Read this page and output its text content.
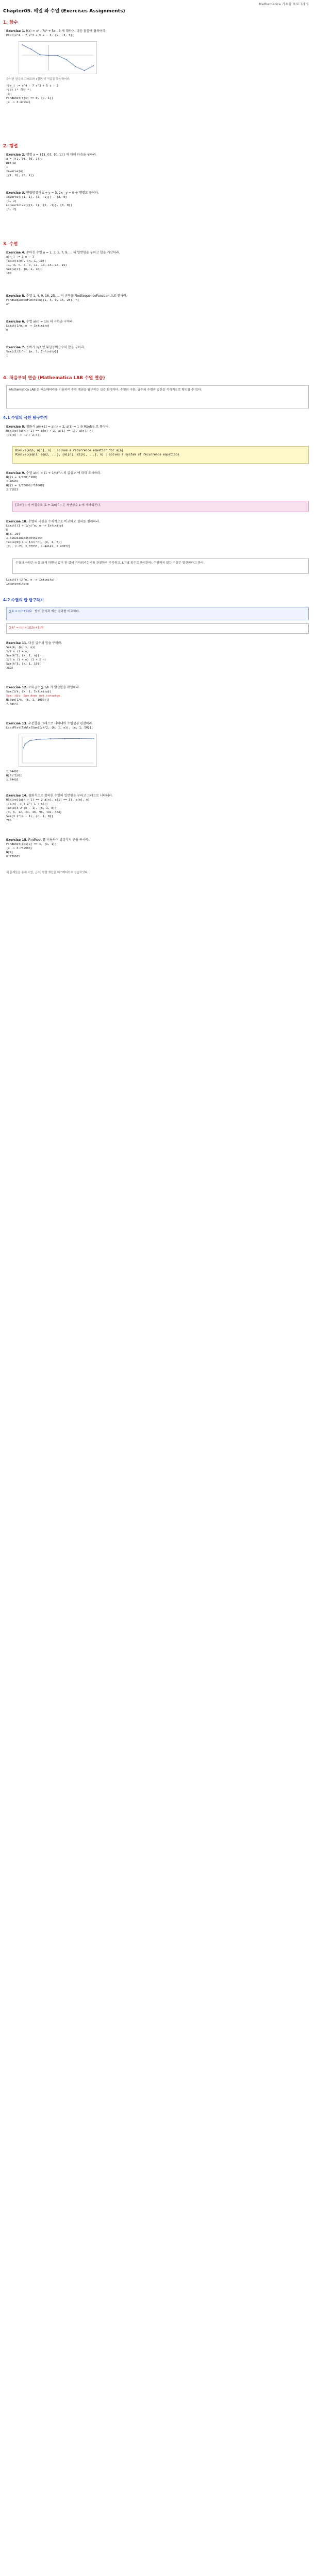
Mathematica 기초와 프로그래밍
Chapter05. 배열 와 수열 (Exercises Assignments)
1. 함수
Exercise 1. f(x) = x⁴ - 7x³ + 5x - 3 에 대하여, 다음 물음에 답하여라.
Plot[x^4 - 7 x^3 + 5 x - 3, {x, -3, 5}]
주어진 함수의 그래프와 x절편 및 극값을 확인하여라.
f[x_] := x^4 - 7 x^3 + 5 x - 3
f[0] (* 계산 *)
-3
FindRoot[f[x] == 0, {x, 1}]
{x -> 0.47952}
2. 행렬
Exercise 2. 행렬 a = {{1, 0}, {0, 1}} 에 대해 다음을 구하라.
a = {{1, 0}, {0, 1}};
Det[a]
1
Inverse[a]
{{1, 0}, {0, 1}}
Exercise 3. 연립방정식 x + y = 3, 2x - y = 0 을 행렬로 풀어라.
Inverse[{{1, 1}, {2, -1}}] . {3, 0}
{1, 2}
LinearSolve[{{1, 1}, {2, -1}}, {3, 0}]
{1, 2}
3. 수열
Exercise 4. 주어진 수열 a = 1, 3, 5, 7, 9, ... 의 일반항을 구하고 합을 계산하라.
a[n_] := 2 n - 1
Table[a[n], {n, 1, 10}]
{1, 3, 5, 7, 9, 11, 13, 15, 17, 19}
Sum[a[n], {n, 1, 10}]
100
Exercise 5. 수열 1, 4, 9, 16, 25, ... 의 규칙을 FindSequenceFunction 으로 찾아라.
FindSequenceFunction[{1, 4, 9, 16, 25}, n]
n²
Exercise 6. 수열 a(n) = 1/n 의 극한을 구하라.
Limit[1/n, n -> Infinity]
0
Exercise 7. 공비가 1/2 인 무한등비급수의 합을 구하라.
Sum[(1/2)^n, {n, 1, Infinity}]
1
4. 처음부터 연습 (Mathematica LAB 수열 연습)
Mathematica LAB 은 매스매티카를 이용하여 수학 개념을 탐구하는 실습 환경이다. 수열의 극한, 급수의 수렴과 발산을 시각적으로 확인할 수 있다.
4.1 수열의 극한 탐구하기
Exercise 8. 점화식 a(n+1) = a(n) + 2, a(1) = 1 을 RSolve 로 풀어라.
RSolve[{a[n + 1] == a[n] + 2, a[1] == 1}, a[n], n]
{{a[n] -> -1 + 2 n}}
RSolve[eqn, a[n], n] : solves a recurrence equation for a[n]
RSolve[{eqn1, eqn2, ...}, {a1[n], a2[n], ...}, n] : solves a system of recurrence equations
Exercise 9. 수열 a(n) = (1 + 1/n)^n 의 값을 n 에 따라 조사하라.
N[(1 + 1/100)^100]
2.70481
N[(1 + 1/10000)^10000]
2.71815
[주의] n 이 커질수록 (1 + 1/n)^n 은 자연상수 e 에 가까워진다.
Exercise 10. 수열의 극한을 수치적으로 비교하고 결과를 정리하라.
Limit[(1 + 1/n)^n, n -> Infinity]
E
N[E, 20]
2.7182818284590452354
Table[N[(1 + 1/n)^n], {n, 1, 5}]
{2., 2.25, 2.37037, 2.44141, 2.48832}
수열의 극한은 n 을 크게 하면서 값이 한 값에 가까워지는지를 관찰하여 추측하고, Limit 함수로 확인한다. 수렴하지 않는 수열은 발산한다고 한다.
Limit[(-1)^n, n -> Infinity]
Indeterminate
4.2 수열의 합 탐구하기
∑ k = n(n+1)/2 합의 공식과 계산 결과를 비교하라.
∑ k² = n(n+1)(2n+1)/6
Exercise 11. 다음 급수의 합을 구하라.
Sum[k, {k, 1, n}]
1/2 n (1 + n)
Sum[k^2, {k, 1, n}]
1/6 n (1 + n) (1 + 2 n)
Sum[k^3, {k, 1, 10}]
3025
Exercise 12. 조화급수 ∑ 1/k 가 발산함을 확인하라.
Sum[1/k, {k, 1, Infinity}]
Sum::div: Sum does not converge.
N[Sum[1/k, {k, 1, 1000}]]
7.48547
Exercise 13. 부분합을 그래프로 나타내어 수렴성을 관찰하라.
ListPlot[Table[Sum[1/k^2, {k, 1, n}], {n, 1, 50}]]
1.64493
N[Pi^2/6]
1.64493
Exercise 14. 점화식으로 정의된 수열의 일반항을 구하고 그래프로 나타내라.
RSolve[{a[n + 1] == 2 a[n], a[1] == 3}, a[n], n]
{{a[n] -> 3 2^(-1 + n)}}
Table[3 2^(n - 1), {n, 1, 8}]
{3, 6, 12, 24, 48, 96, 192, 384}
Sum[3 2^(n - 1), {n, 1, 8}]
765
Exercise 15. FindRoot 를 이용하여 방정식의 근을 구하라.
FindRoot[Cos[x] == x, {x, 1}]
{x -> 0.739085}
N[%]
0.739085
위 문제들을 통해 수열, 급수, 행렬 계산을 매스매티카로 실습하였다.
